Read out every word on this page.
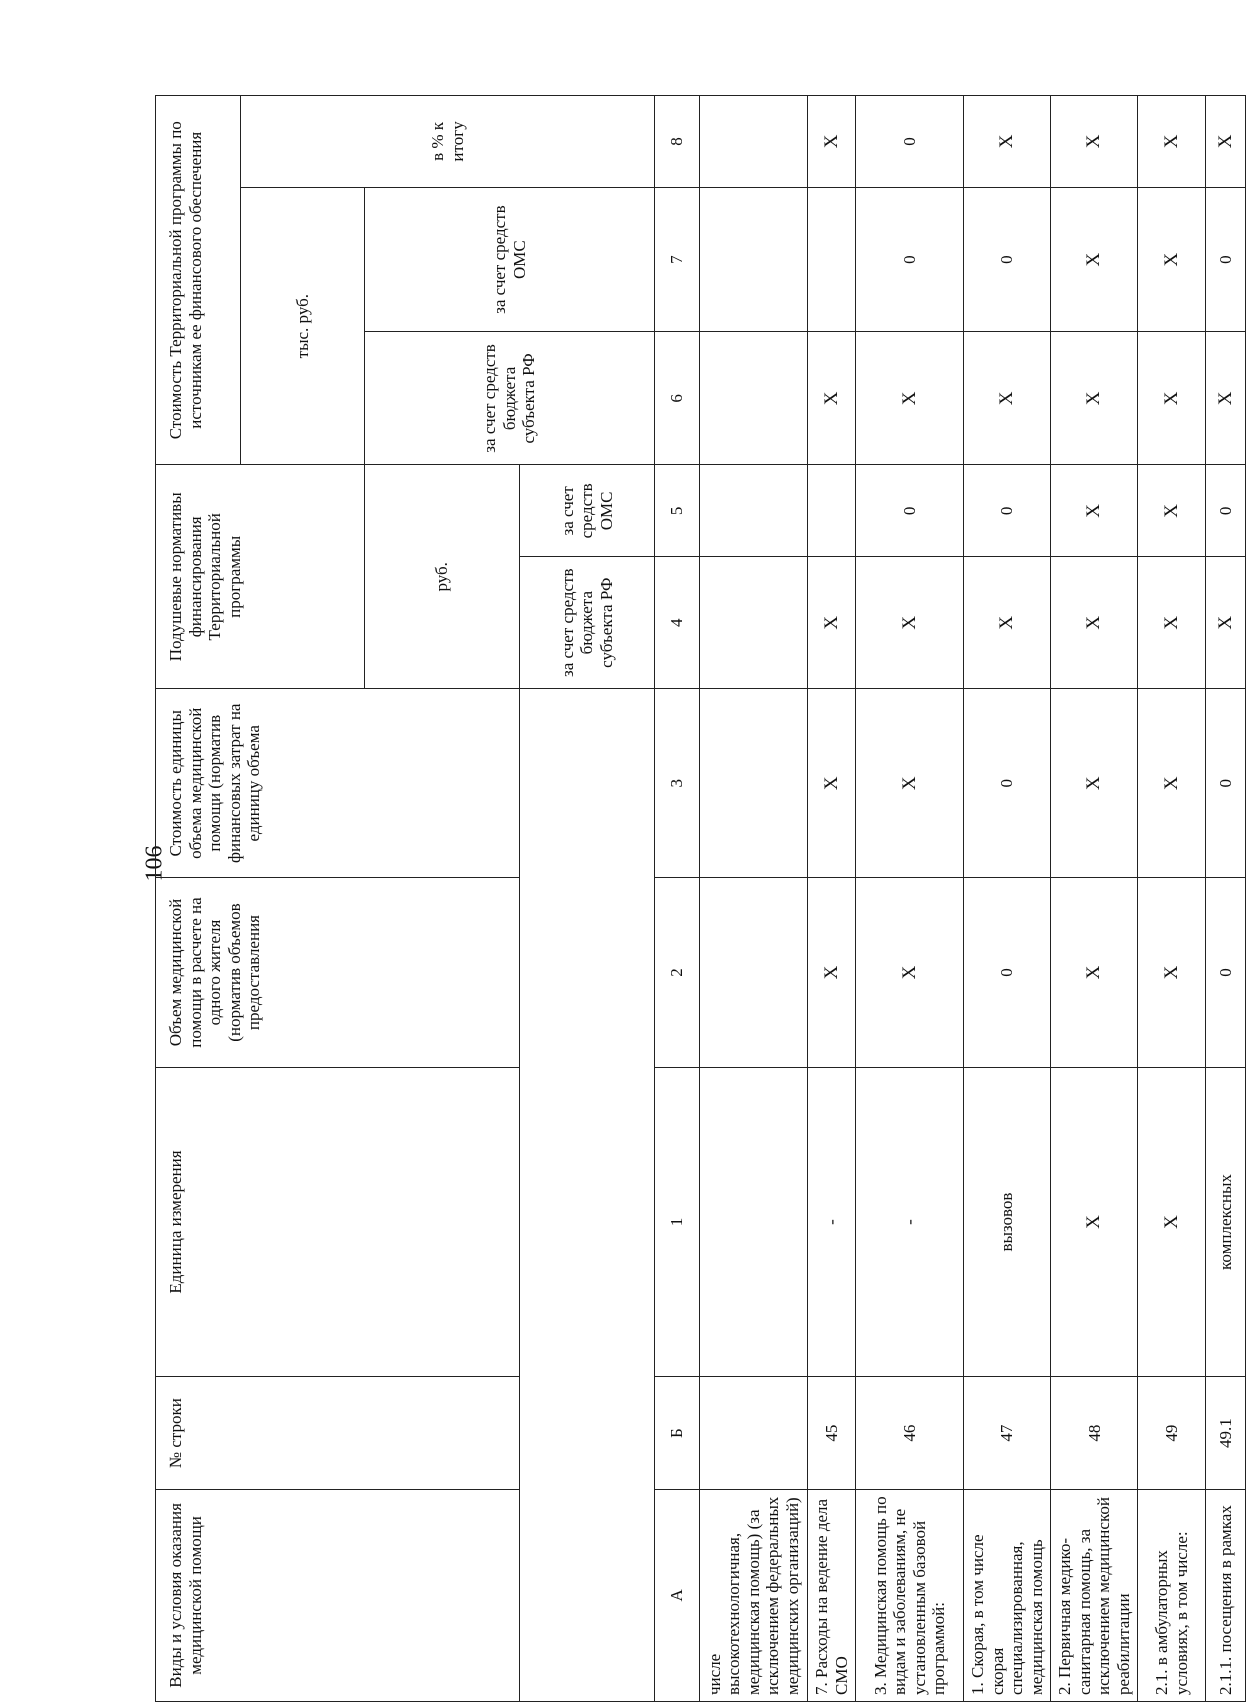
106
Виды и условия оказания медицинской помощи	№ строки	Единица измерения	Объем медицинской помощи в расчете на одного жителя (норматив объемов предоставления	Стоимость единицы объема медицинской помощи (норматив финансовых затрат на единицу объема	Подушевые нормативы финансирования Территориальной программы		Стоимость Территориальной программы по источникам ее финансового обеспечения		
							тыс. руб.		в % к итогу
					руб.		за счет средств бюджета субъекта РФ	за счет средств ОМС	
					за счет средств бюджета субъекта РФ	за счет средств ОМС			
А	Б	1	2	3	4	5	6	7	8
числе высокотехнологичная, медицинская помощь) (за исключением федеральных медицинских организаций)									
7. Расходы на ведение дела СМО	45	-	Х	Х	Х		Х		Х
3. Медицинская помощь по видам и заболеваниям, не установленным базовой программой:	46	-	Х	Х	Х	0	Х	0	0
1. Скорая, в том числе скорая специализированная, медицинская помощь	47	вызовов	0	0	Х	0	Х	0	Х
2. Первичная медико-санитарная помощь, за исключением медицинской реабилитации	48	Х	Х	Х	Х	Х	Х	Х	Х
2.1. в амбулаторных условиях, в том числе:	49	Х	Х	Х	Х	Х	Х	Х	Х
2.1.1. посещения в рамках	49.1	комплексных	0	0	Х	0	Х	0	Х
